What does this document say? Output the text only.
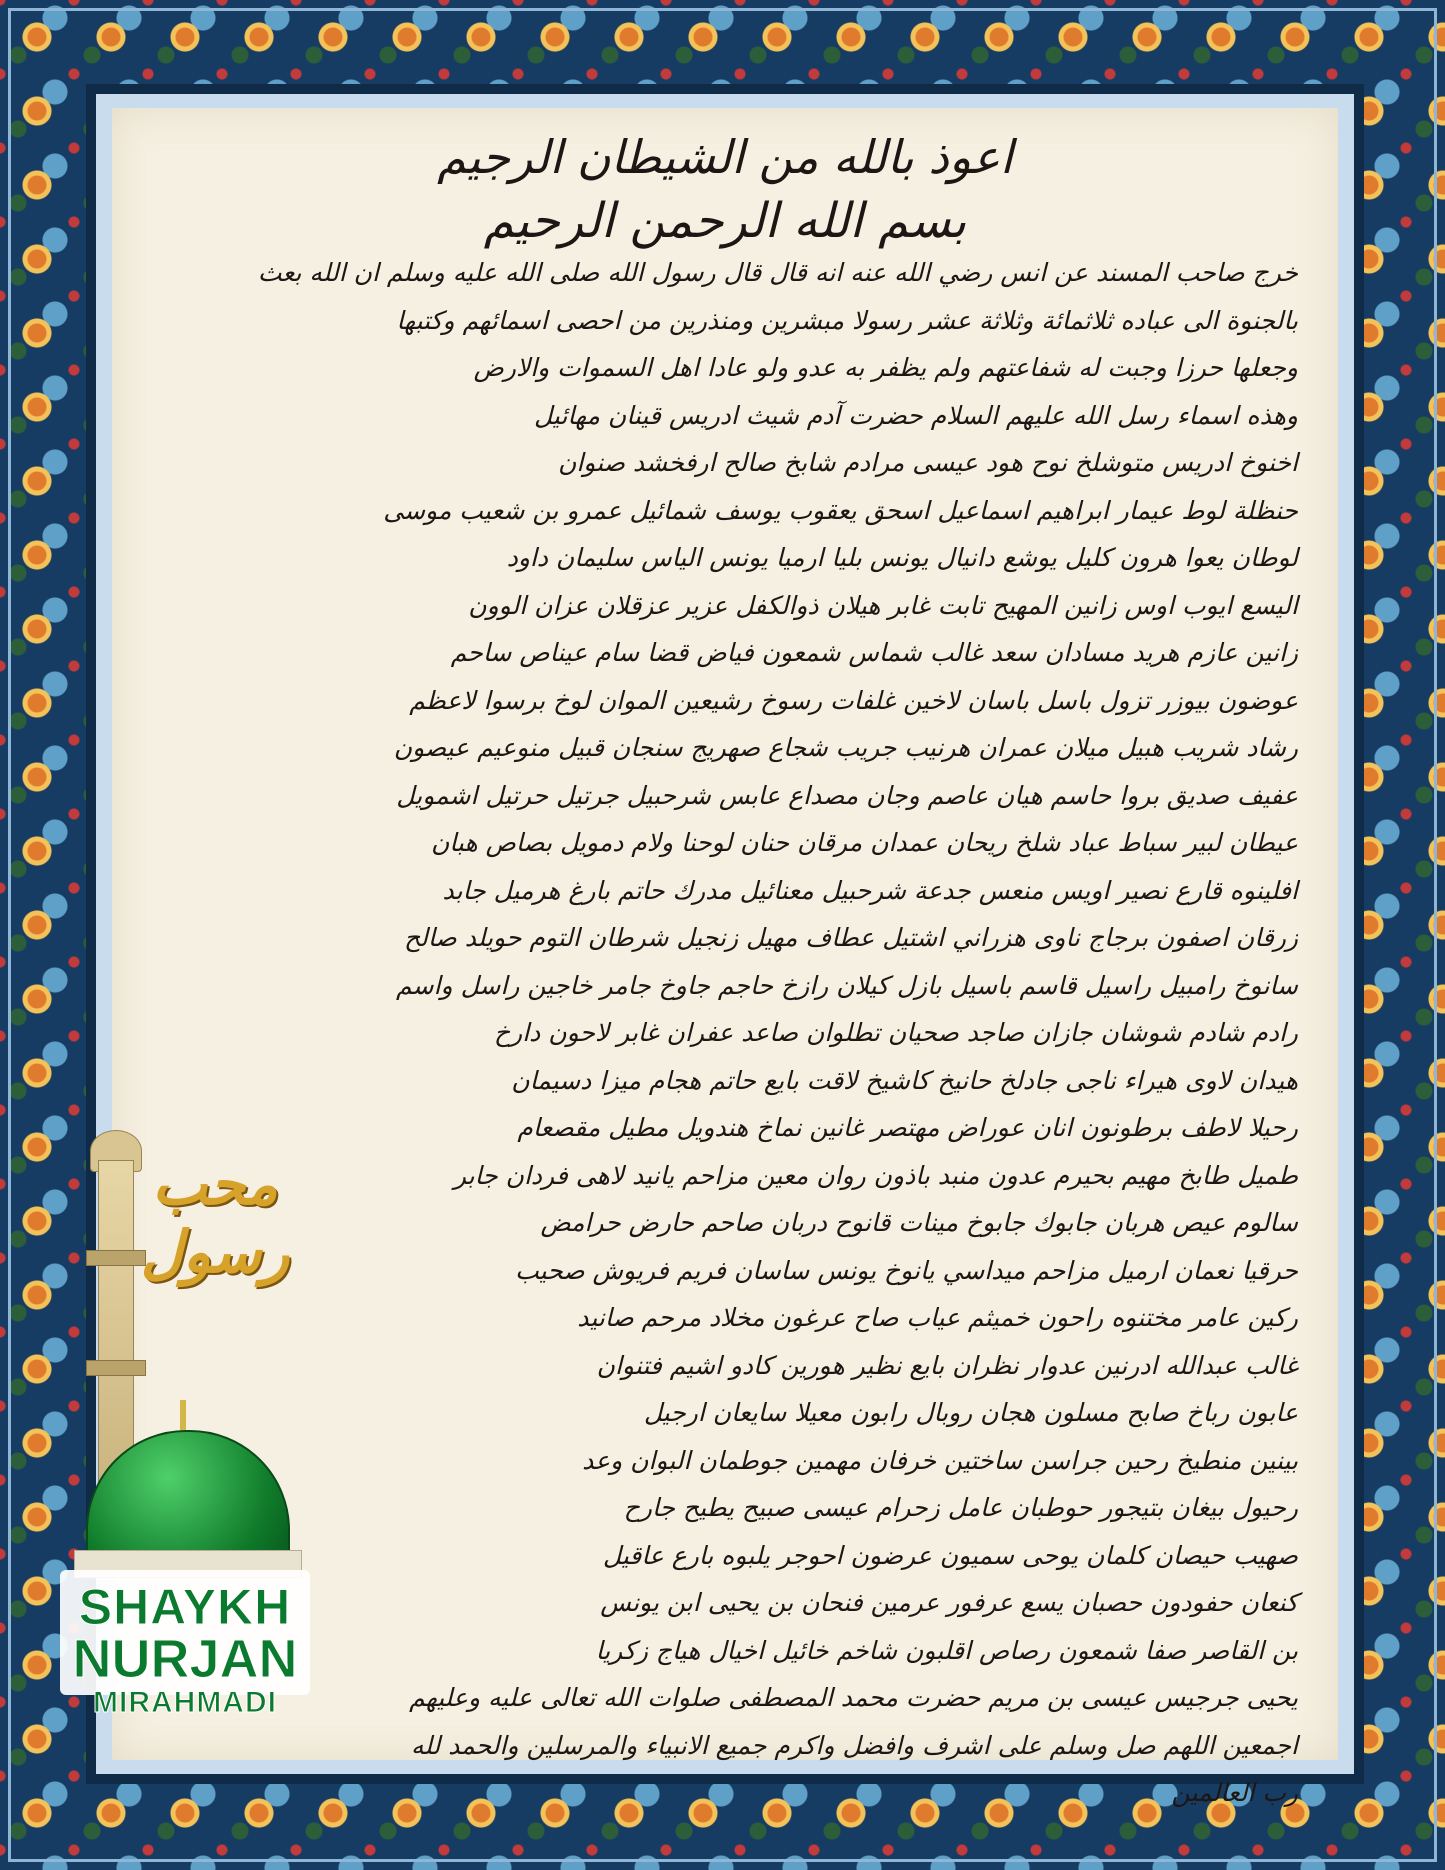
اعوذ بالله من الشيطان الرجيم
بسم الله الرحمن الرحيم
خرج صاحب المسند عن انس رضي الله عنه انه قال قال رسول الله صلى الله عليه وسلم ان الله بعث
بالجنوة الى عباده ثلاثمائة وثلاثة عشر رسولا مبشرين ومنذرين من احصى اسمائهم وكتبها
وجعلها حرزا وجبت له شفاعتهم ولم يظفر به عدو ولو عادا اهل السموات والارض
وهذه اسماء رسل الله عليهم السلام حضرت آدم شيث ادريس قينان مهائيل
اخنوخ ادريس متوشلخ نوح هود عيسى مرادم شابخ صالح ارفخشد صنوان
حنظلة لوط عيمار ابراهيم اسماعيل اسحق يعقوب يوسف شمائيل عمرو بن شعيب موسى
لوطان يعوا هرون كليل يوشع دانيال يونس بليا ارميا يونس الياس سليمان داود
اليسع ايوب اوس زانين المهيح تابت غابر هيلان ذوالكفل عزير عزقلان عزان الوون
زانين عازم هريد مسادان سعد غالب شماس شمعون فياض قضا سام عيناص ساحم
عوضون بيوزر تزول باسل باسان لاخين غلفات رسوخ رشيعين الموان لوخ برسوا لاعظم
رشاد شريب هبيل ميلان عمران هرنيب جريب شجاع صهريج سنجان قبيل منوعيم عيصون
عفيف صديق بروا حاسم هيان عاصم وجان مصداع عابس شرحبيل جرتيل حرتيل اشمويل
عيطان لبير سباط عباد شلخ ريحان عمدان مرقان حنان لوحنا ولام دمويل بصاص هبان
افلينوه قارع نصير اويس منعس جدعة شرحبيل معنائيل مدرك حاتم بارغ هرميل جابد
زرقان اصفون برجاج ناوى هزراني اشتيل عطاف مهيل زنجيل شرطان التوم حويلد صالح
سانوخ رامبيل راسيل قاسم باسيل بازل كيلان رازخ حاجم جاوخ جامر خاجين راسل واسم
رادم شادم شوشان جازان صاجد صحيان تطلوان صاعد عفران غابر لاحون دارخ
هيدان لاوى هيراء ناجى جادلخ حانيخ كاشيخ لاقت بايع حاتم هجام ميزا دسيمان
رحيلا لاطف برطونون انان عوراض مهتصر غانين نماخ هندويل مطيل مقصعام
طميل طابخ مهيم بحيرم عدون منبد باذون روان معين مزاحم يانيد لاهى فردان جابر
سالوم عيص هربان جابوك جابوخ مينات قانوح دربان صاحم حارض حرامض
حرقيا نعمان ارميل مزاحم ميداسي يانوخ يونس ساسان فريم فريوش صحيب
ركين عامر مختنوه راحون خميثم عياب صاح عرغون مخلاد مرحم صانيد
غالب عبدالله ادرنين عدوار نظران بايع نظير هورين كادو اشيم فتنوان
عابون رباخ صابح مسلون هجان روبال رابون معيلا سايعان ارجيل
بينين منطيخ رحين جراسن ساختين خرفان مهمين جوطمان البوان وعد
رحيول بيغان بتيجور حوطبان عامل زحرام عيسى صبيح يطيح جارح
صهيب حيصان كلمان يوحى سميون عرضون احوجر يلبوه بارع عاقيل
كنعان حفودون حصبان يسع عرفور عرمين فنحان بن يحيى ابن يونس
بن القاصر صفا شمعون رصاص اقلبون شاخم خائيل اخيال هياج زكريا
يحيى جرجيس عيسى بن مريم حضرت محمد المصطفى صلوات الله تعالى عليه وعليهم
اجمعين اللهم صل وسلم على اشرف وافضل واكرم جميع الانبياء والمرسلين والحمد لله
رب العالمين
محب رسول
SHAYKH
NURJAN
MIRAHMADI
